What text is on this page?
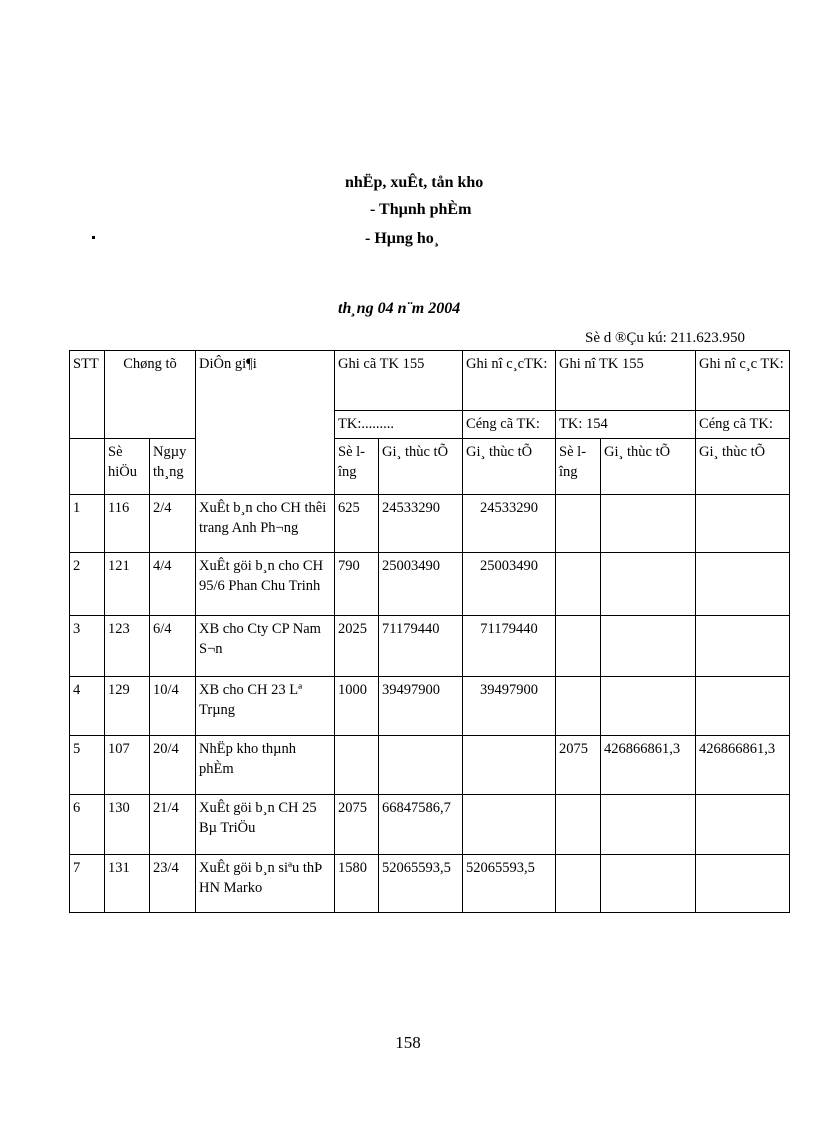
nhËp, xuÊt, tån kho
- Thµnh phÈm
- Hµng ho¸
th¸ng 04 n¨m 2004
Sè d ®Çu kú: 211.623.950
STT	Chøng tõ		DiÔn gi¶i	Ghi cã TK 155		Ghi nî c¸cTK:	Ghi nî TK 155		Ghi nî c¸c TK:
				TK:.........		Céng cã TK:	TK: 154		Céng cã TK:
	Sè hiÖu	Ngµy th¸ng		Sè lîng	Gi¸ thùc tÕ	Gi¸ thùc tÕ	Sè lîng	Gi¸ thùc tÕ	Gi¸ thùc tÕ
1	116	2/4	XuÊt b¸n cho CH thêi trang Anh Ph¬ng	625	24533290	24533290			
2	121	4/4	XuÊt göi b¸n cho CH 95/6 Phan Chu Trinh	790	25003490	25003490			
3	123	6/4	XB cho Cty CP Nam S¬n	2025	71179440	71179440			
4	129	10/4	XB cho CH 23 Lª Trµng	1000	39497900	39497900			
5	107	20/4	NhËp kho thµnh phÈm				2075	426866861,3	426866861,3
6	130	21/4	XuÊt göi b¸n CH 25 Bµ TriÖu	2075	66847586,7				
7	131	23/4	XuÊt göi b¸n siªu thÞ HN Marko	1580	52065593,5	52065593,5			
158
